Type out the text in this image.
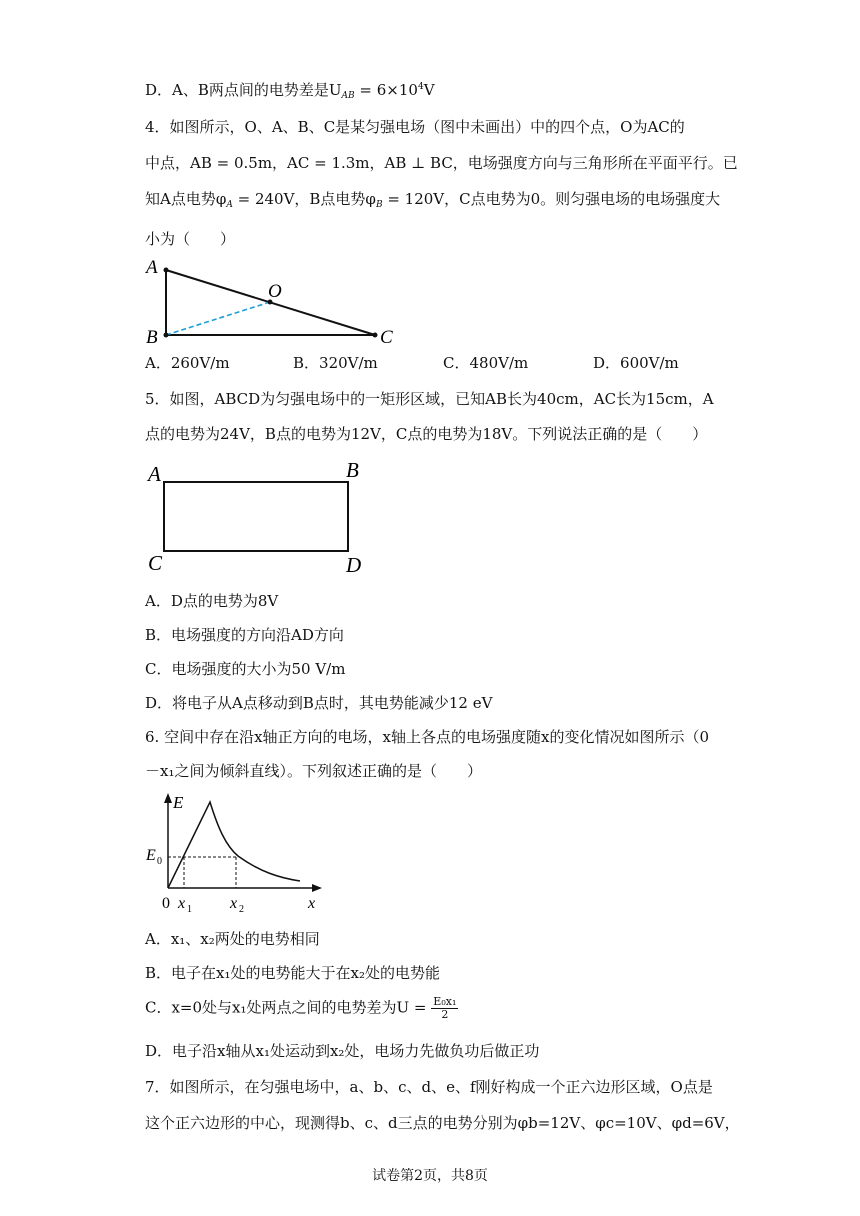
D．A、B两点间的电势差是$U_{AB} = 6\times 10^4V$
4．如图所示，O、A、B、C是某匀强电场（图中未画出）中的四个点，O为AC的
中点，AB = 0.5m，AC = 1.3m，AB ⊥ BC，电场强度方向与三角形所在平面平行。已
知A点电势$\varphi_A = 240V$，B点电势$\varphi_B = 120V$，C点电势为0。则匀强电场的电场强度大
小为（　　）
A
B	C
O
A．260V/m	B．320V/m	C．480V/m	D．600V/m
5．如图，ABCD为匀强电场中的一矩形区域，已知AB长为40cm，AC长为15cm，A
点的电势为24V，B点的电势为12V，C点的电势为18V。下列说法正确的是（　　）
A	B
C	D
A．D点的电势为8V
B．电场强度的方向沿AD方向
C．电场强度的大小为50 V/m
D．将电子从A点移动到B点时，其电势能减少12 eV
6. 空间中存在沿x轴正方向的电场，x轴上各点的电场强度随x的变化情况如图所示（0
－x₁之间为倾斜直线）。下列叙述正确的是（　　）
E
E 0
0 x 1 x 2	x
A．x₁、x₂两处的电势相同
B．电子在x₁处的电势能大于在x₂处的电势能
C．x=0处与x₁处两点之间的电势差为$U = \frac{\text{E₀x₁}}{2}$
D．电子沿x轴从x₁处运动到x₂处，电场力先做负功后做正功
7．如图所示，在匀强电场中，a、b、c、d、e、f刚好构成一个正六边形区域，O点是
这个正六边形的中心，现测得b、c、d三点的电势分别为φb=12V、φc=10V、φd=6V，
试卷第2页，共8页
